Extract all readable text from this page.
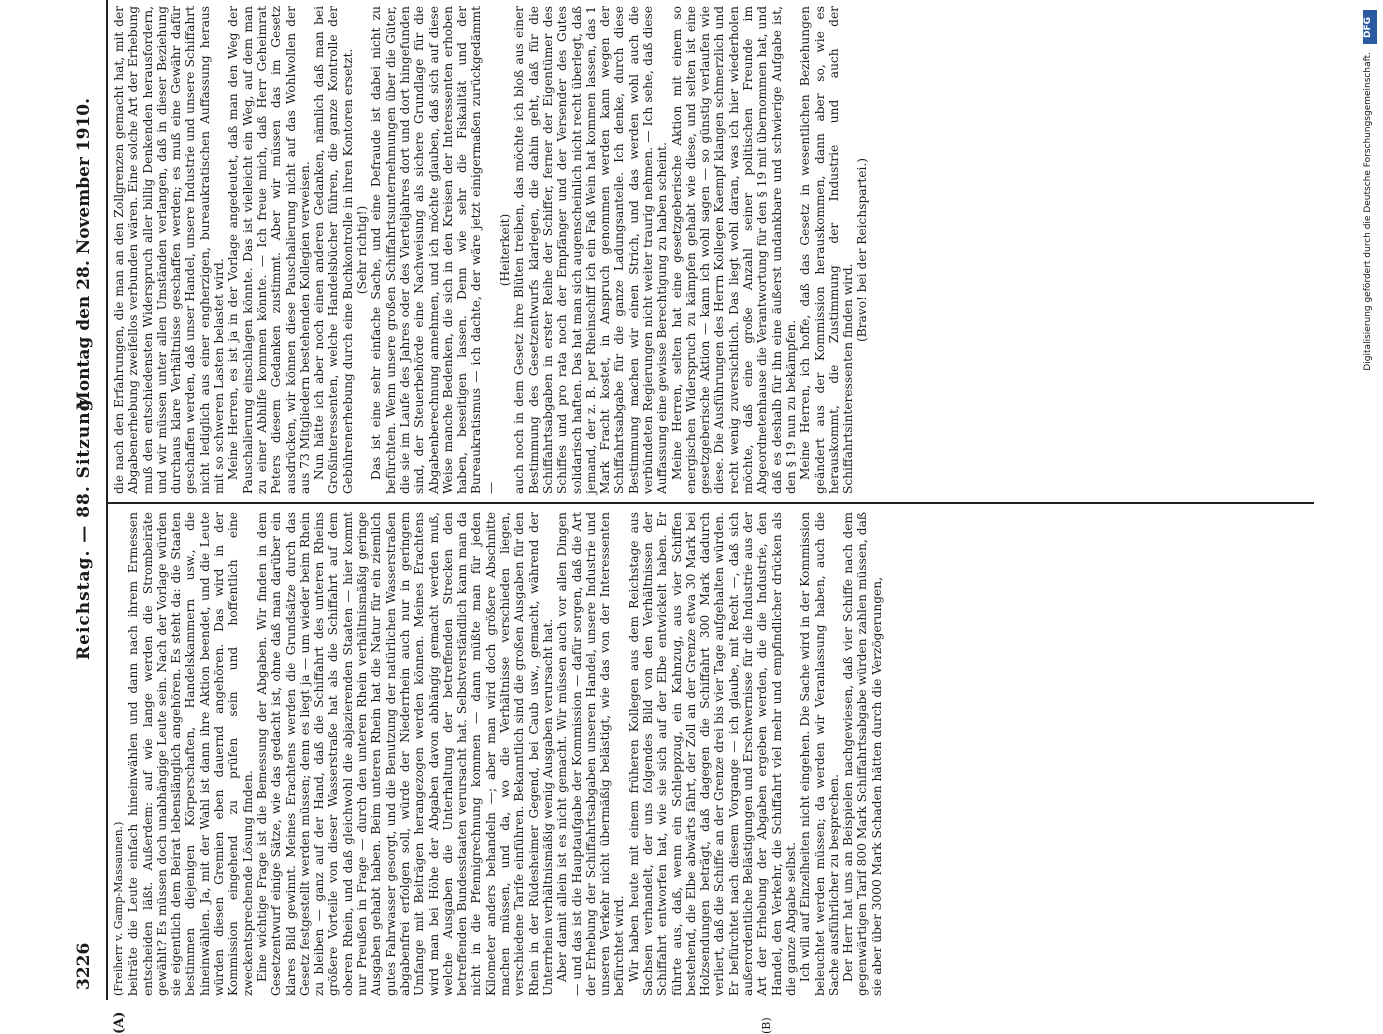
3226
Reichstag. — 88. Sitzung.
Montag den 28. November 1910.
(A)	(B)

(Freiherr v. Gamp-Massaunen.) beiträte die Leute einfach hineinwählen und dann nach ihrem Ermessen entscheiden läßt. Außerdem: auf wie lange werden die Strombeiräte gewählt? Es müssen doch unabhängige Leute sein. Nach der Vorlage würden sie eigentlich dem Beirat lebenslänglich angehören. Es steht da: die Staaten bestimmen diejenigen Körperschaften, Handelskammern usw., die hineinwählen. Ja, mit der Wahl ist dann ihre Aktion beendet, und die Leute würden diesen Gremien eben dauernd angehören. Das wird in der Kommission eingehend zu prüfen sein und hoffentlich eine zweckentsprechende Lösung finden. Eine wichtige Frage ist die Bemessung der Abgaben. Wir finden in dem Gesetzentwurf einige Sätze, wie das gedacht ist, ohne daß man darüber ein klares Bild gewinnt. Meines Erachtens werden die Grundsätze durch das Gesetz festgestellt werden müssen; denn es liegt ja — um wieder beim Rhein zu bleiben — ganz auf der Hand, daß die Schiffahrt des unteren Rheins größere Vorteile von dieser Wasserstraße hat als die Schiffahrt auf dem oberen Rhein, und daß gleichwohl die abjazierenden Staaten — hier kommt nur Preußen in Frage — durch den unteren Rhein verhältnismäßig geringe Ausgaben gehabt haben. Beim unteren Rhein hat die Natur für ein ziemlich gutes Fahrwasser gesorgt, und die Benutzung der natürlichen Wasserstraßen abgabenfrei erfolgen soll, würde der Niederrhein auch nur in geringem Umfange mit Beiträgen herangezogen werden können. Meines Erachtens wird man bei Höhe der Abgaben davon abhängig gemacht werden muß, welche Ausgaben die Unterhaltung der betreffenden Strecken den betreffenden Bundesstaaten verursacht hat. Selbstverständlich kann man da nicht in die Pfennigrechnung kommen — dann müßte man für jeden Kilometer anders behandeln —; aber man wird doch größere Abschnitte machen müssen, und da, wo die Verhältnisse verschieden liegen, verschiedene Tarife einführen. Bekanntlich sind die großen Ausgaben für den Rhein in der Rüdesheimer Gegend, bei Caub usw., gemacht, während der Unterrhein verhältnismäßig wenig Ausgaben verursacht hat. Aber damit allein ist es nicht gemacht. Wir müssen auch vor allen Dingen — und das ist die Hauptaufgabe der Kommission — dafür sorgen, daß die Art der Erhebung der Schiffahrtsabgaben unseren Handel, unsere Industrie und unseren Verkehr nicht übermäßig belästigt, wie das von der Interessenten befürchtet wird. Wir haben heute mit einem früheren Kollegen aus dem Reichstage aus Sachsen verhandelt, der uns folgendes Bild von den Verhältnissen der Schiffahrt entworfen hat, wie sie sich auf der Elbe entwickelt haben. Er führte aus, daß, wenn ein Schleppzug, ein Kahnzug, aus vier Schiffen bestehend, die Elbe abwärts fährt, der Zoll an der Grenze etwa 30 Mark bei Holzsendungen beträgt, daß dagegen die Schiffahrt 300 Mark dadurch verliert, daß die Schiffe an der Grenze drei bis vier Tage aufgehalten würden. Er befürchtet nach diesem Vorgange — ich glaube, mit Recht —, daß sich außerordentliche Belästigungen und Erschwernisse für die Industrie aus der Art der Erhebung der Abgaben ergeben werden, die die Industrie, den Handel, den Verkehr, die Schiffahrt viel mehr und empfindlicher drücken als die ganze Abgabe selbst. Ich will auf Einzelheiten nicht eingehen. Die Sache wird in der Kommission beleuchtet werden müssen; da werden wir Veranlassung haben, auch die Sache ausführlicher zu besprechen. Der Herr hat uns an Beispielen nachgewiesen, daß vier Schiffe nach dem gegenwärtigen Tarif 800 Mark Schiffahrtsabgabe würden zahlen müssen, daß sie aber über 3000 Mark Schaden hätten durch die Verzögerungen,

die nach den Erfahrungen, die man an den Zollgrenzen gemacht hat, mit der Abgabenerhebung zweifellos verbunden wären. Eine solche Art der Erhebung muß den entschiedensten Widerspruch aller billig Denkenden herausfordern, und wir müssen unter allen Umständen verlangen, daß in dieser Beziehung durchaus klare Verhältnisse geschaffen werden; es muß eine Gewähr dafür geschaffen werden, daß unser Handel, unsere Industrie und unsere Schiffahrt nicht lediglich aus einer engherzigen, bureaukratischen Auffassung heraus mit so schweren Lasten belastet wird. Meine Herren, es ist ja in der Vorlage angedeutet, daß man den Weg der Pauschalierung einschlagen könnte. Das ist vielleicht ein Weg, auf dem man zu einer Abhilfe kommen könnte. — Ich freue mich, daß Herr Geheimrat Peters diesem Gedanken zustimmt. Aber wir müssen das im Gesetz ausdrücken, wir können diese Pauschalierung nicht auf das Wohlwollen der aus 73 Mitgliedern bestehenden Kollegien verweisen. Nun hätte ich aber noch einen anderen Gedanken, nämlich daß man bei Großinteressenten, welche Handelsbücher führen, die ganze Kontrolle der Gebührenerhebung durch eine Buchkontrolle in ihren Kontoren ersetzt. (Sehr richtig!) Das ist eine sehr einfache Sache, und eine Defraude ist dabei nicht zu befürchten. Wenn unsere großen Schiffahrtsunternehmungen über die Güter, die sie im Laufe des Jahres oder des Vierteljahres dort und dort hingefunden sind, der Steuerbehörde eine Nachweisung als sichere Grundlage für die Abgabenberechnung annehmen, und ich möchte glauben, daß sich auf diese Weise manche Bedenken, die sich in den Kreisen der Interessenten erhoben haben, beseitigen lassen. Denn wie sehr die Fiskalität und der Bureaukratismus — ich dachte, der wäre jetzt einigermaßen zurückgedämmt —

(Heiterkeit) auch noch in dem Gesetz ihre Blüten treiben, das möchte ich bloß aus einer Bestimmung des Gesetzentwurfs klarlegen, die dahin geht, daß für die Schiffahrtsabgaben in erster Reihe der Schiffer, ferner der Eigentümer des Schiffes und pro rata noch der Empfänger und der Versender des Gutes solidarisch haften. Das hat man sich augenscheinlich nicht recht überlegt, daß jemand, der z. B. per Rheinschiff ich ein Faß Wein hat kommen lassen, das 1 Mark Fracht kostet, in Anspruch genommen werden kann wegen der Schiffahrtsabgabe für die ganze Ladungsanteile. Ich denke, durch diese Bestimmung machen wir einen Strich, und das werden wohl auch die verbündeten Regierungen nicht weiter traurig nehmen. — Ich sehe, daß diese Auffassung eine gewisse Berechtigung zu haben scheint. Meine Herren, selten hat eine gesetzgeberische Aktion mit einem so energischen Widerspruch zu kämpfen gehabt wie diese, und selten ist eine gesetzgeberische Aktion — kann ich wohl sagen — so günstig verlaufen wie diese. Die Ausführungen des Herrn Kollegen Kaempf klangen schmerzlich und recht wenig zuversichtlich. Das liegt wohl daran, was ich hier wiederholen möchte, daß eine große Anzahl seiner politischen Freunde im Abgeordnetenhause die Verantwortung für den § 19 mit übernommen hat, und daß es deshalb für ihn eine äußerst undankbare und schwierige Aufgabe ist, den § 19 nun zu bekämpfen. Meine Herren, ich hoffe, daß das Gesetz in wesentlichen Beziehungen geändert aus der Kommission herauskommen, dann aber so, wie es herauskommt, die Zustimmung der Industrie und auch der Schiffahrtsinteressenten finden wird.

(Bravo! bei der Reichspartei.)

DFG
Digitalisierung gefördert durch die Deutsche Forschungsgemeinschaft.
